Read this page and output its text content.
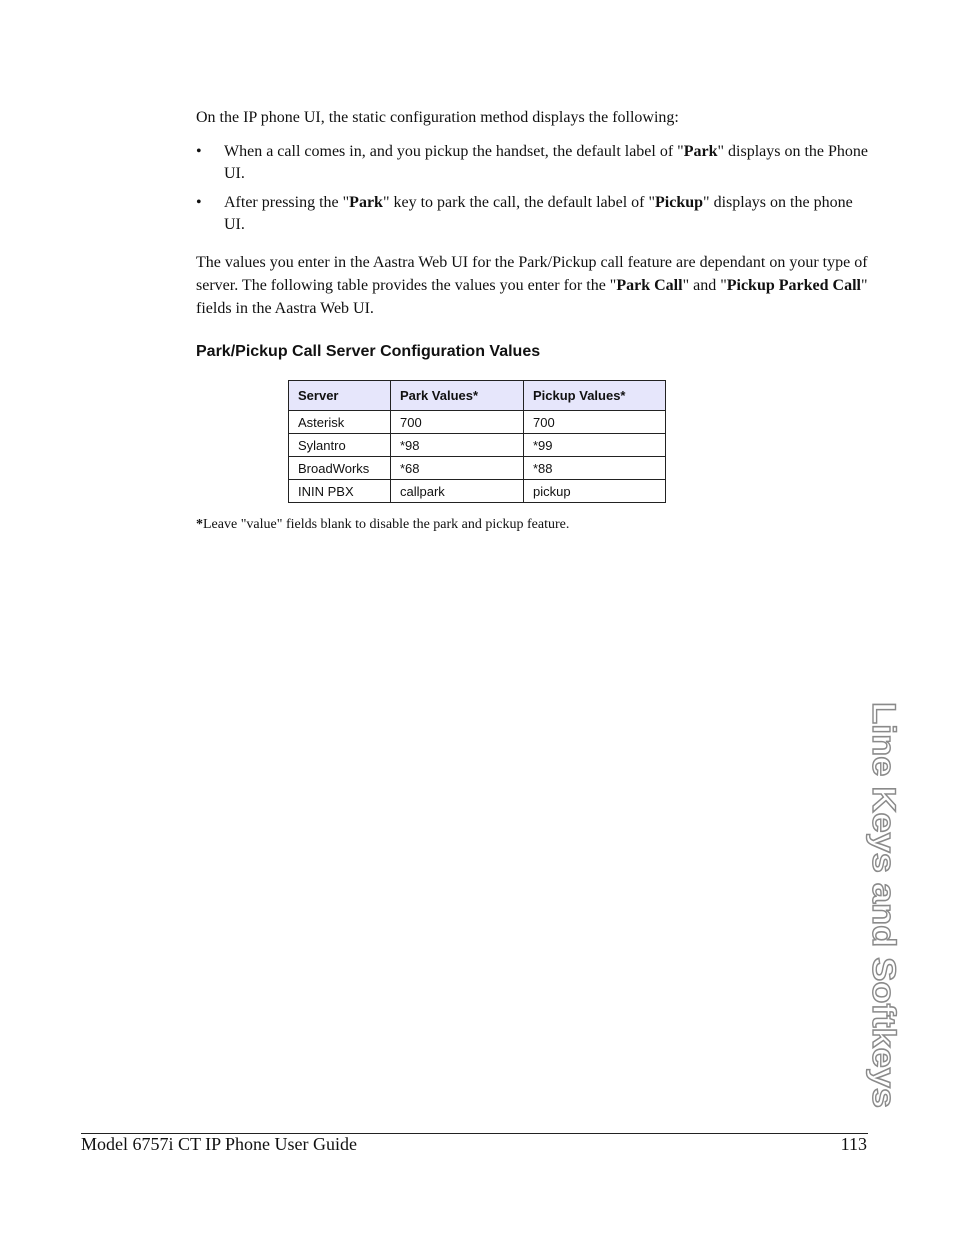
On the IP phone UI, the static configuration method displays the following:

• When a call comes in, and you pickup the handset, the default label of "Park" displays on the Phone UI.
• After pressing the "Park" key to park the call, the default label of "Pickup" displays on the phone UI.

The values you enter in the Aastra Web UI for the Park/Pickup call feature are dependant on your type of server. The following table provides the values you enter for the "Park Call" and "Pickup Parked Call" fields in the Aastra Web UI.

Park/Pickup Call Server Configuration Values
Server	Park Values*	Pickup Values*
Asterisk	700	700
Sylantro	*98	*99
BroadWorks	*68	*88
ININ PBX	callpark	pickup

*Leave "value" fields blank to disable the park and pickup feature.

Line Keys and Softkeys

Model 6757i CT IP Phone User Guide	113
